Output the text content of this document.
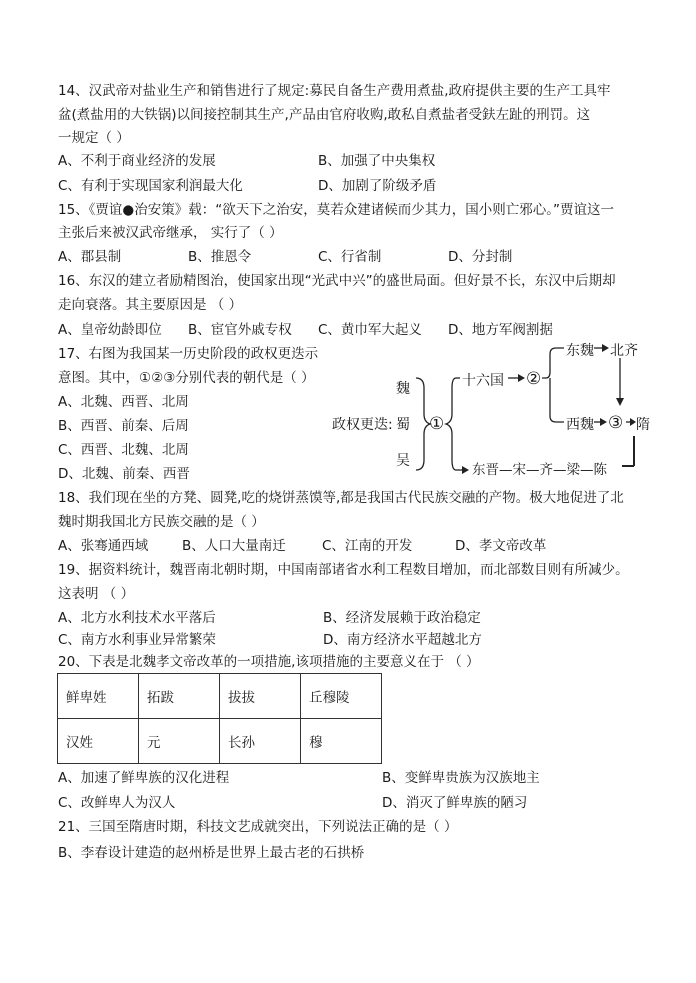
14、汉武帝对盐业生产和销售进行了规定:募民自备生产费用煮盐,政府提供主要的生产工具牢
盆(煮盐用的大铁锅)以间接控制其生产,产品由官府收购,敢私自煮盐者受鈇左趾的刑罚。这
一规定（ ）
A、不利于商业经济的发展	B、加强了中央集权
C、有利于实现国家利润最大化	D、加剧了阶级矛盾
15、《贾谊●治安策》载：“欲天下之治安，莫若众建诸候而少其力，国小则亡邪心。”贾谊这一
主张后来被汉武帝继承， 实行了（ ）
A、郡县制	B、推恩令	C、行省制	D、分封制
16、东汉的建立者励精图治，使国家出现“光武中兴”的盛世局面。但好景不长，东汉中后期却
走向衰落。其主要原因是 （ ）
A、皇帝幼龄即位 B、宦官外戚专权 C、黄巾军大起义 D、地方军阀割据
17、右图为我国某一历史阶段的政权更迭示
意图。其中，①②③分别代表的朝代是（ ）
A、北魏、西晋、北周
B、西晋、前秦、后周
C、西晋、北魏、北周
D、北魏、前秦、西晋
政权更迭:
魏
蜀
吴
①
十六国 ②
东魏 北齐
西魏 ③ 隋
东晋—宋—齐—梁—陈
18、我们现在坐的方凳、圆凳,吃的烧饼蒸馍等,都是我国古代民族交融的产物。极大地促进了北
魏时期我国北方民族交融的是（ ）
A、张骞通西域	B、人口大量南迁	C、江南的开发	D、孝文帝改革
19、据资料统计，魏晋南北朝时期，中国南部诸省水利工程数目增加，而北部数目则有所减少。
这表明 （ ）
A、北方水利技术水平落后	B、经济发展赖于政治稳定
C、南方水利事业异常繁荣	D、南方经济水平超越北方
20、下表是北魏孝文帝改革的一项措施,该项措施的主要意义在于 （ ）
鲜卑姓	拓跋	拔拔	丘穆陵
汉姓	元	长孙	穆
A、加速了鲜卑族的汉化进程	B、变鲜卑贵族为汉族地主
C、改鲜卑人为汉人	D、消灭了鲜卑族的陋习
21、三国至隋唐时期，科技文艺成就突出，下列说法正确的是（ ）
B、李春设计建造的赵州桥是世界上最古老的石拱桥
